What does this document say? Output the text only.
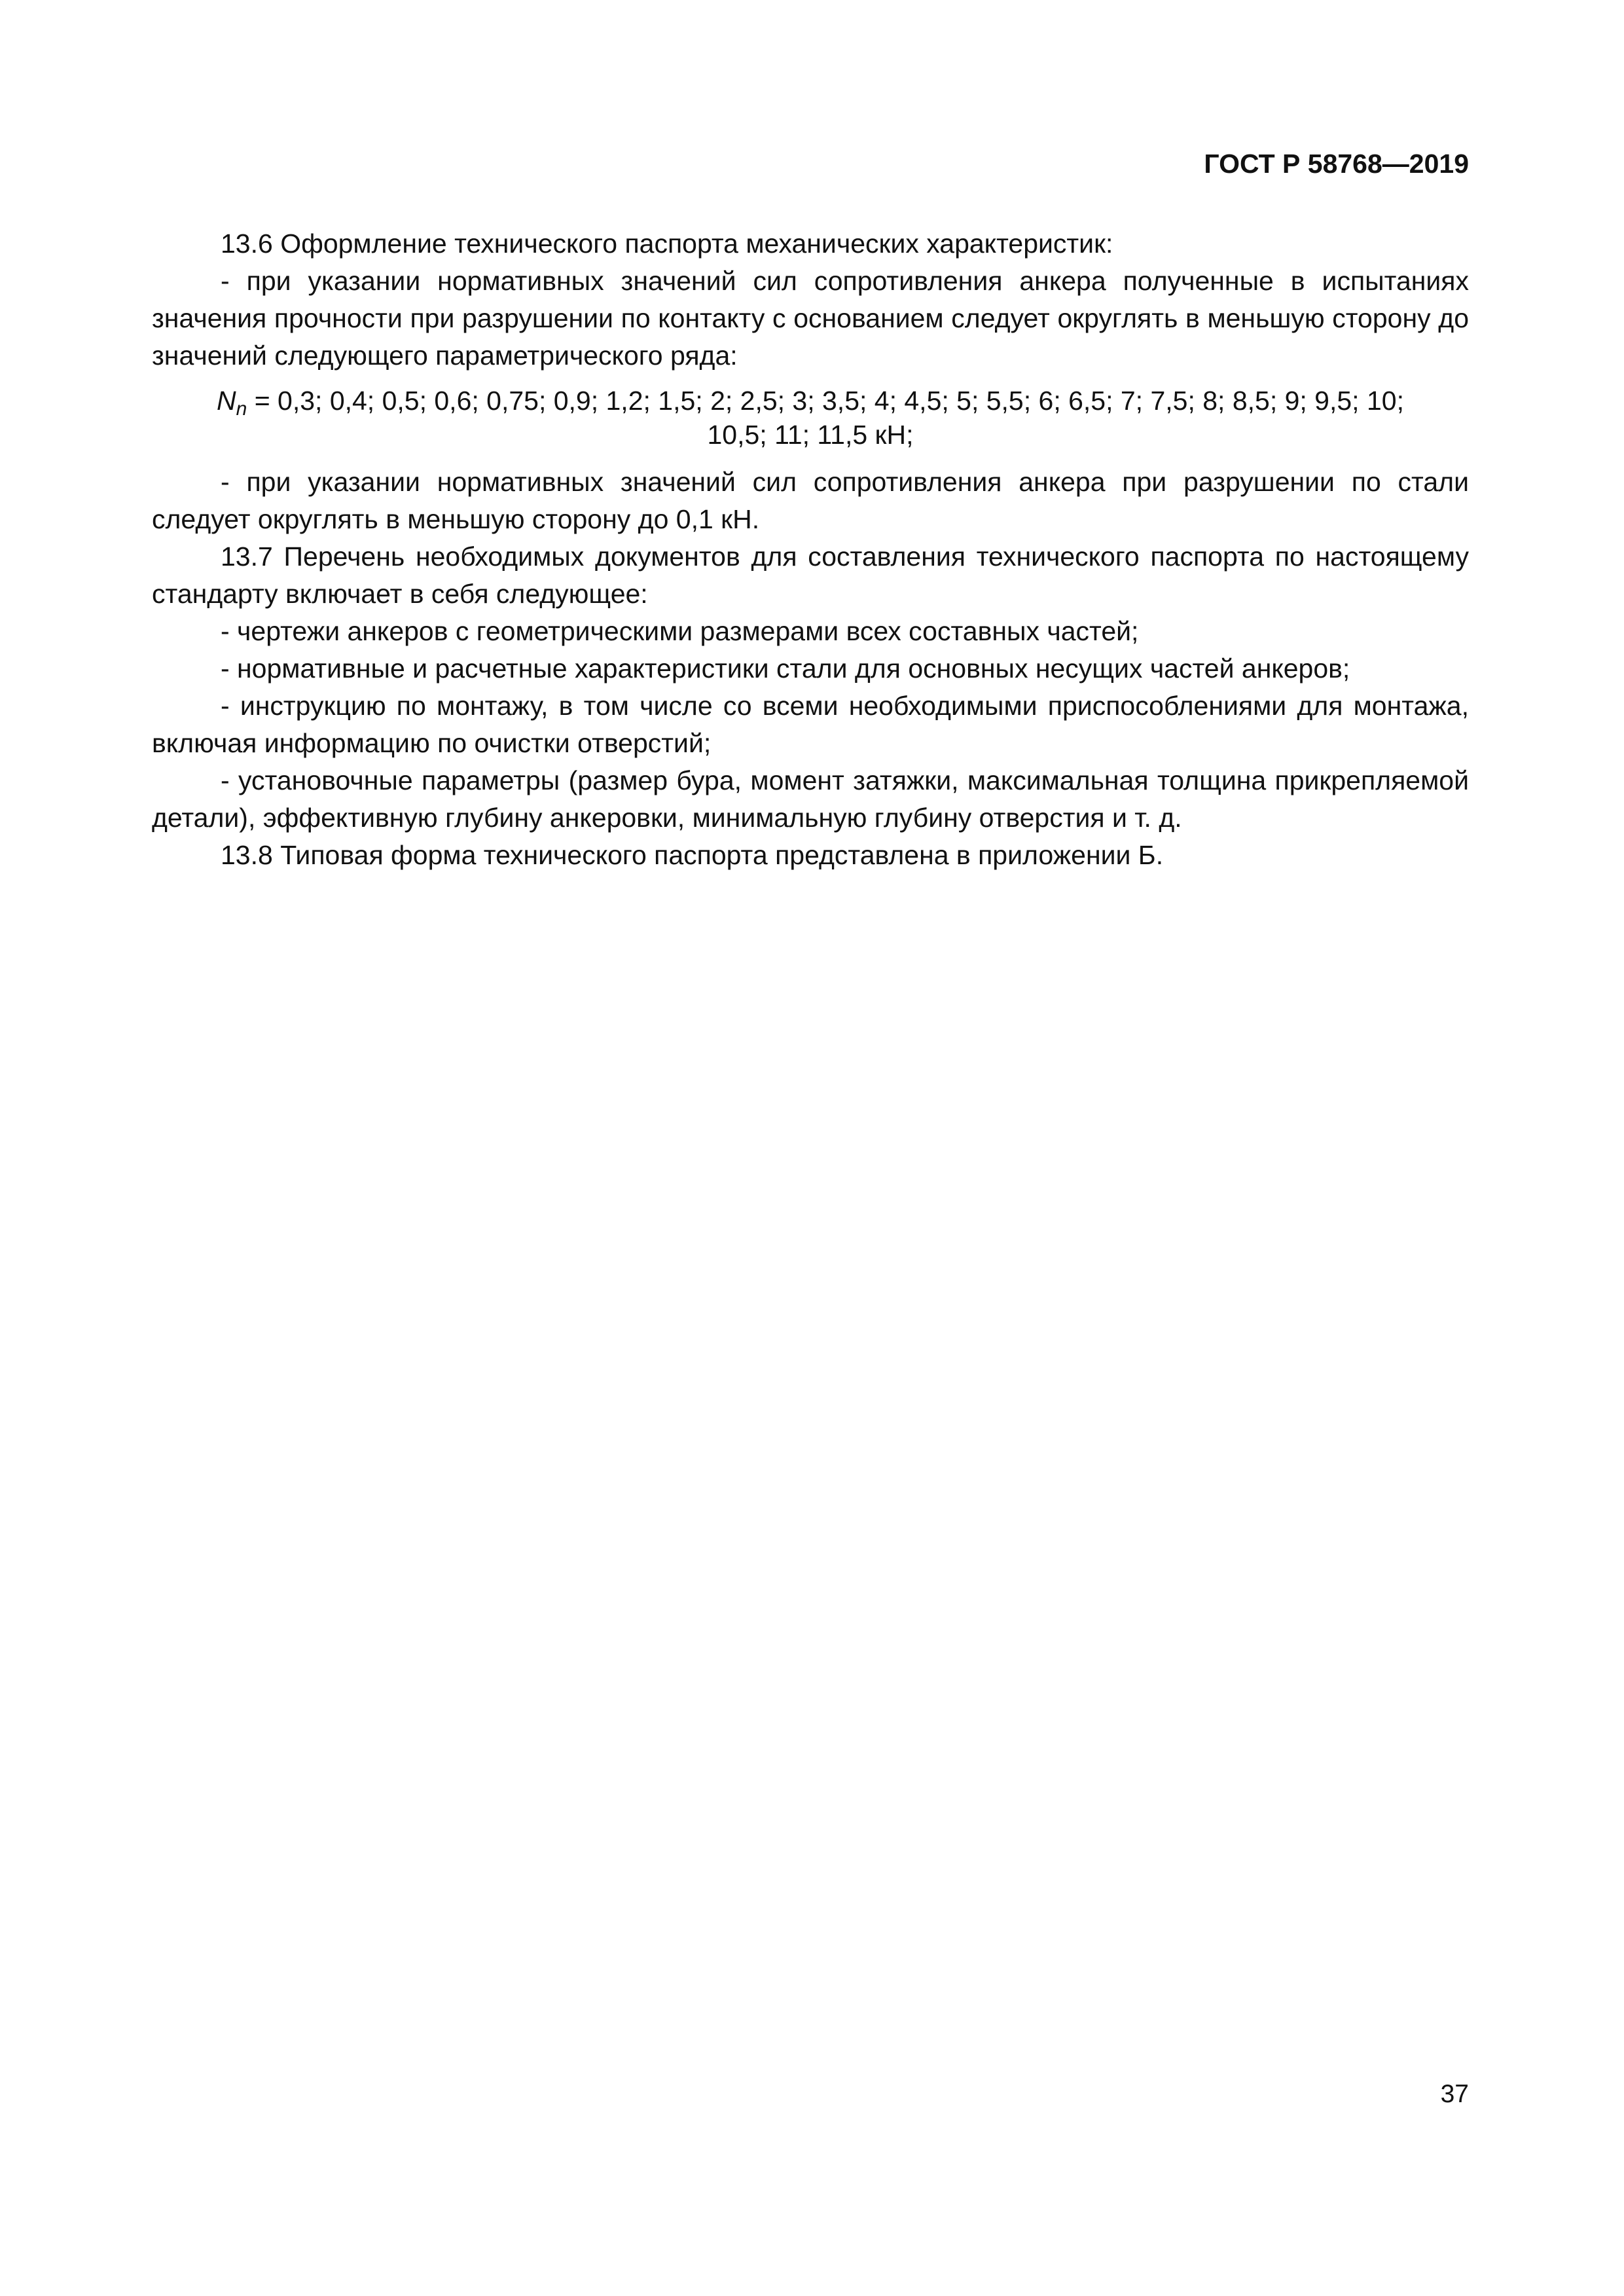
ГОСТ Р 58768—2019

13.6 Оформление технического паспорта механических характеристик:

- при указании нормативных значений сил сопротивления анкера полученные в испытаниях значения прочности при разрушении по контакту с основанием следует округлять в меньшую сторону до значений следующего параметрического ряда:

$N_n = 0,3$; 0,4; 0,5; 0,6; 0,75; 0,9; 1,2; 1,5; 2; 2,5; 3; 3,5; 4; 4,5; 5; 5,5; 6; 6,5; 7; 7,5; 8; 8,5; 9; 9,5; 10;
10,5; 11; 11,5 кН;

- при указании нормативных значений сил сопротивления анкера при разрушении по стали следует округлять в меньшую сторону до 0,1 кН.

13.7 Перечень необходимых документов для составления технического паспорта по настоящему стандарту включает в себя следующее:

- чертежи анкеров с геометрическими размерами всех составных частей;

- нормативные и расчетные характеристики стали для основных несущих частей анкеров;

- инструкцию по монтажу, в том числе со всеми необходимыми приспособлениями для монтажа, включая информацию по очистки отверстий;

- установочные параметры (размер бура, момент затяжки, максимальная толщина прикрепляемой детали), эффективную глубину анкеровки, минимальную глубину отверстия и т. д.

13.8 Типовая форма технического паспорта представлена в приложении Б.

37
